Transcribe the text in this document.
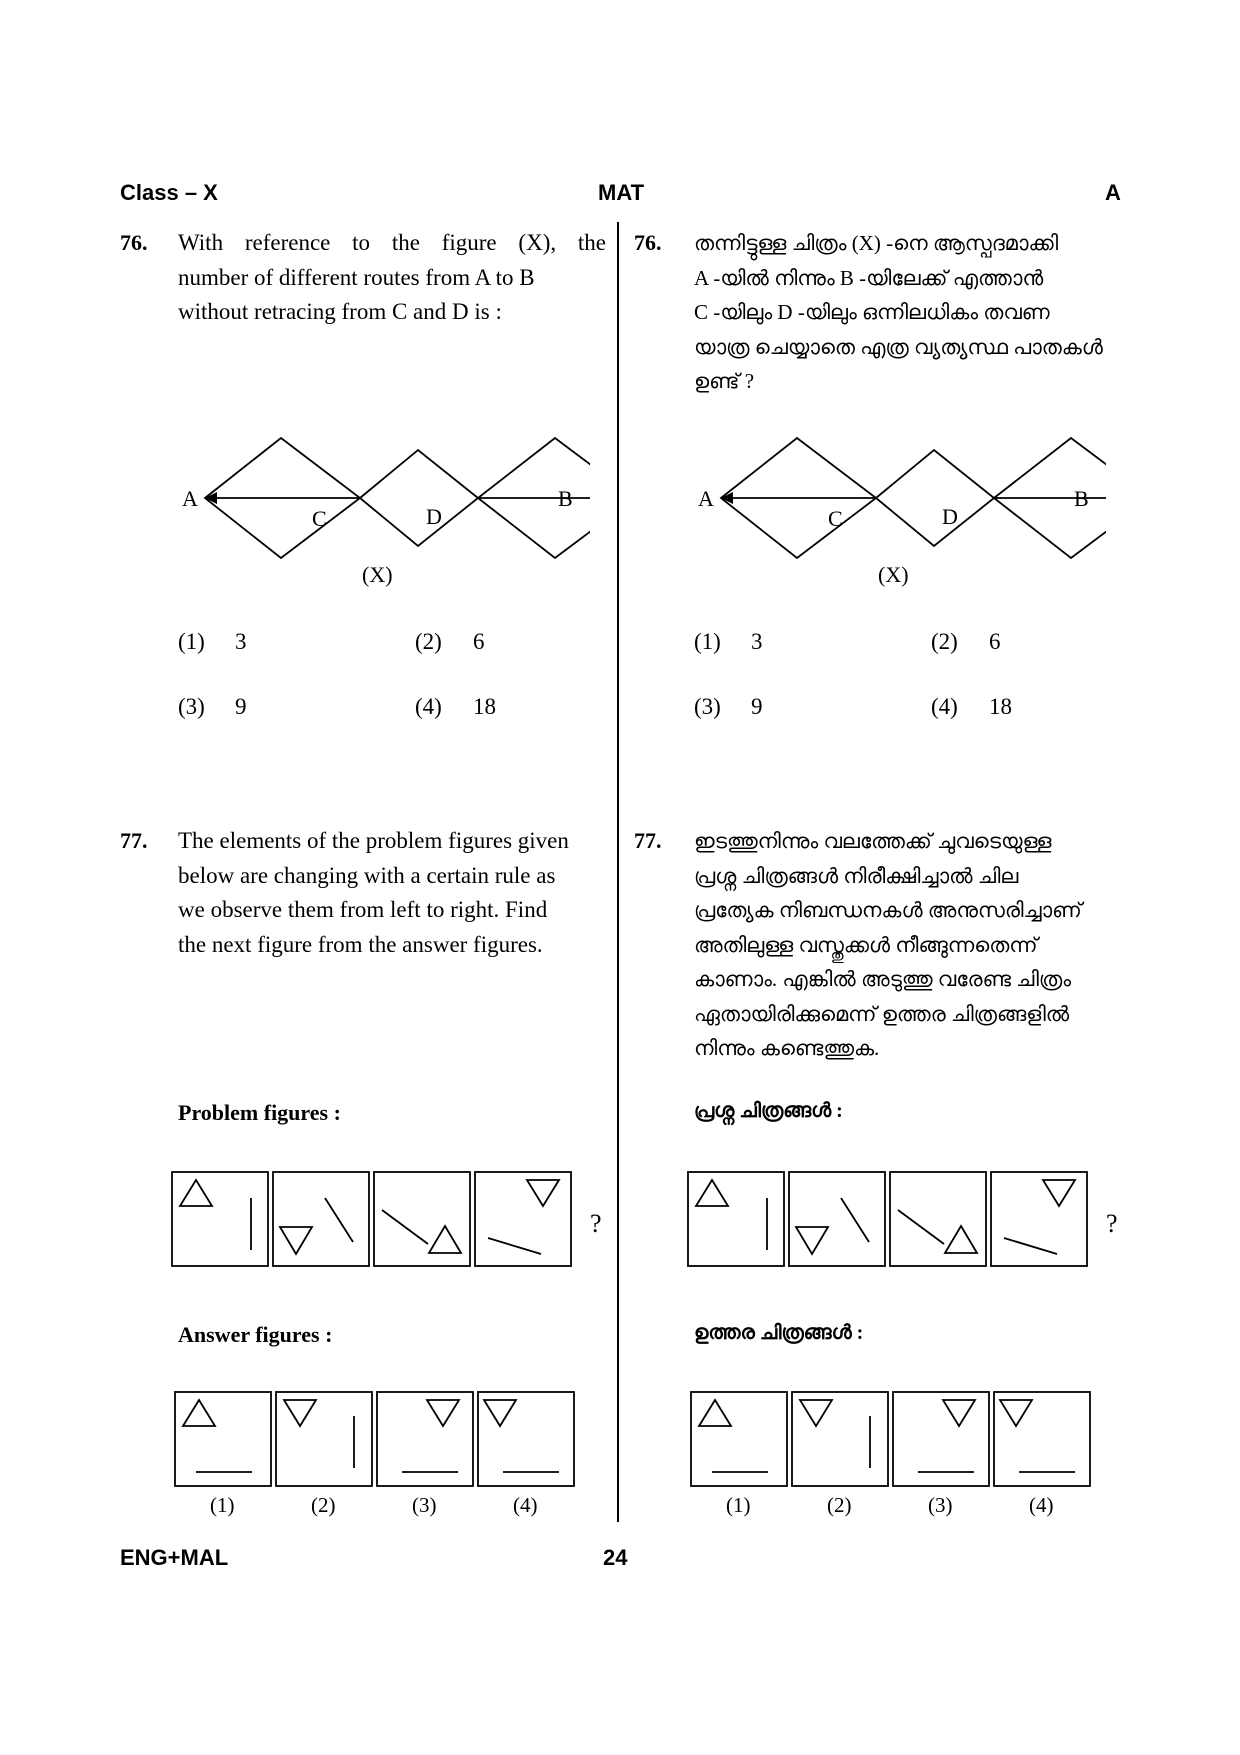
Class – X	MAT	A
76. With reference to the figure (X), the
number of different routes from A to B
without retracing from C and D is :
A
C	D
B
(X)
(1) 3	(2) 6
(3) 9	(4) 18
77. The elements of the problem figures given
below are changing with a certain rule as
we observe them from left to right. Find
the next figure from the answer figures.
Problem figures :
?
Answer figures :
(1)	(2)	(3)	(4)
76. തന്നിട്ടുള്ള ചിത്രം (X) -നെ ആസ്പദമാക്കി
A -യിൽ നിന്നും B -യിലേക്ക് എത്താൻ
C -യിലും D -യിലും ഒന്നിലധികം തവണ
യാത്ര ചെയ്യാതെ എത്ര വ്യത്യസ്ഥ പാതകൾ
ഉണ്ട് ?
A
C	D
B
(X)
(1) 3	(2) 6
(3) 9	(4) 18
77. ഇടത്തുനിന്നും വലത്തേക്ക് ചുവടെയുള്ള
പ്രശ്ന ചിത്രങ്ങൾ നിരീക്ഷിച്ചാൽ ചില
പ്രത്യേക നിബന്ധനകൾ അനുസരിച്ചാണ്
അതിലുള്ള വസ്തുക്കൾ നീങ്ങുന്നതെന്ന്
കാണാം. എങ്കിൽ അടുത്തു വരേണ്ട ചിത്രം
ഏതായിരിക്കുമെന്ന് ഉത്തര ചിത്രങ്ങളിൽ
നിന്നും കണ്ടെത്തുക.
പ്രശ്ന ചിത്രങ്ങൾ :
?
ഉത്തര ചിത്രങ്ങൾ :
(1)	(2)	(3)	(4)
ENG+MAL	24
